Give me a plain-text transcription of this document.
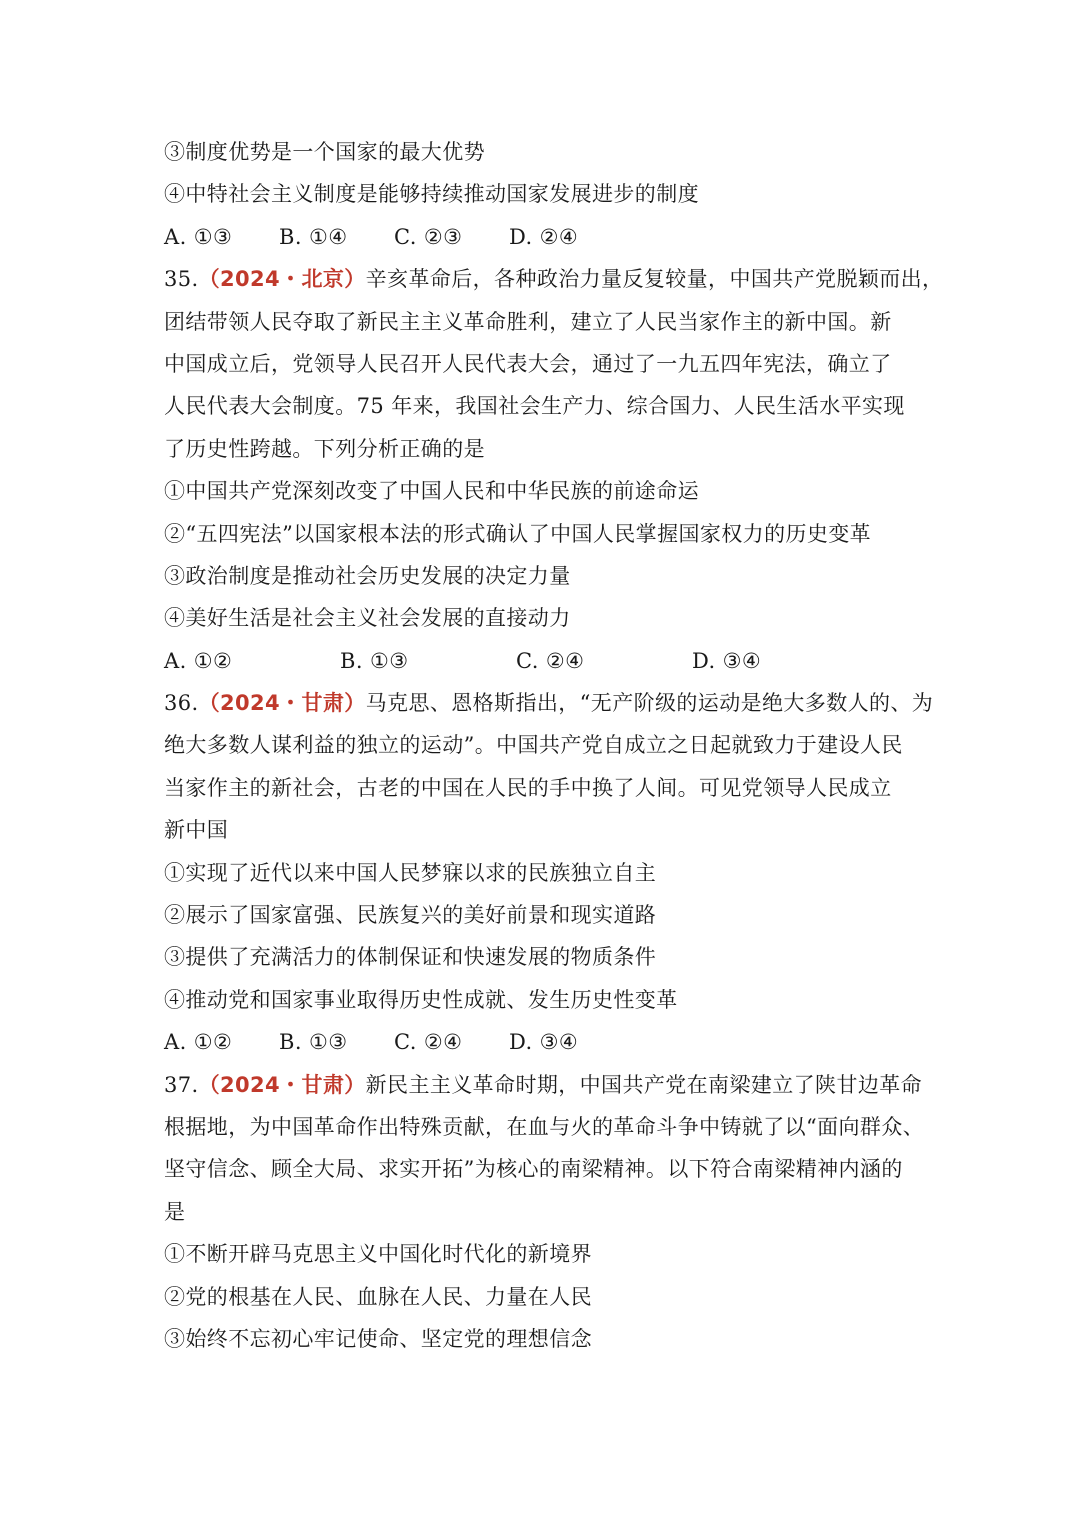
③制度优势是一个国家的最大优势
④中特社会主义制度是能够持续推动国家发展进步的制度
A. ①③	B. ①④	C. ②③	D. ②④
35.（2024・北京）辛亥革命后，各种政治力量反复较量，中国共产党脱颖而出，
团结带领人民夺取了新民主主义革命胜利，建立了人民当家作主的新中国。新
中国成立后，党领导人民召开人民代表大会，通过了一九五四年宪法，确立了
人民代表大会制度。75 年来，我国社会生产力、综合国力、人民生活水平实现
了历史性跨越。下列分析正确的是
①中国共产党深刻改变了中国人民和中华民族的前途命运
②“五四宪法”以国家根本法的形式确认了中国人民掌握国家权力的历史变革
③政治制度是推动社会历史发展的决定力量
④美好生活是社会主义社会发展的直接动力
A. ①②	B. ①③	C. ②④	D. ③④
36.（2024・甘肃）马克思、恩格斯指出，“无产阶级的运动是绝大多数人的、为
绝大多数人谋利益的独立的运动”。中国共产党自成立之日起就致力于建设人民
当家作主的新社会，古老的中国在人民的手中换了人间。可见党领导人民成立
新中国
①实现了近代以来中国人民梦寐以求的民族独立自主
②展示了国家富强、民族复兴的美好前景和现实道路
③提供了充满活力的体制保证和快速发展的物质条件
④推动党和国家事业取得历史性成就、发生历史性变革
A. ①②	B. ①③	C. ②④	D. ③④
37.（2024・甘肃）新民主主义革命时期，中国共产党在南梁建立了陕甘边革命
根据地，为中国革命作出特殊贡献，在血与火的革命斗争中铸就了以“面向群众、
坚守信念、顾全大局、求实开拓”为核心的南梁精神。以下符合南梁精神内涵的
是
①不断开辟马克思主义中国化时代化的新境界
②党的根基在人民、血脉在人民、力量在人民
③始终不忘初心牢记使命、坚定党的理想信念
